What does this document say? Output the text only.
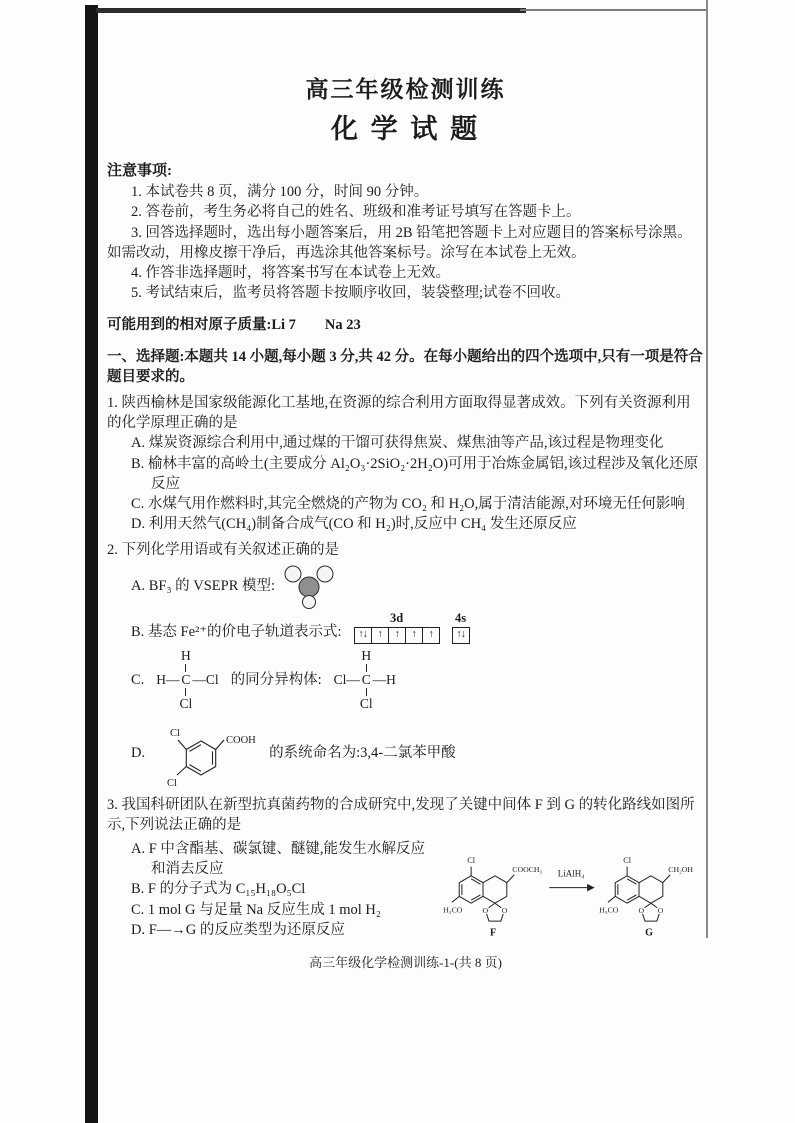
高三年级检测训练
化 学 试 题
注意事项:

1. 本试卷共 8 页，满分 100 分，时间 90 分钟。

2. 答卷前，考生务必将自己的姓名、班级和准考证号填写在答题卡上。

3. 回答选择题时，选出每小题答案后，用 2B 铅笔把答题卡上对应题目的答案标号涂黑。如需改动，用橡皮擦干净后，再选涂其他答案标号。涂写在本试卷上无效。

4. 作答非选择题时，将答案书写在本试卷上无效。

5. 考试结束后，监考员将答题卡按顺序收回，装袋整理;试卷不回收。

可能用到的相对原子质量:Li 7　　Na 23

一、选择题:本题共 14 小题,每小题 3 分,共 42 分。在每小题给出的四个选项中,只有一项是符合题目要求的。

1. 陕西榆林是国家级能源化工基地,在资源的综合利用方面取得显著成效。下列有关资源利用的化学原理正确的是

A. 煤炭资源综合利用中,通过煤的干馏可获得焦炭、煤焦油等产品,该过程是物理变化

B. 榆林丰富的高岭土(主要成分 Al₂O₃·2SiO₂·2H₂O)可用于冶炼金属铝,该过程涉及氧化还原反应

C. 水煤气用作燃料时,其完全燃烧的产物为 CO₂ 和 H₂O,属于清洁能源,对环境无任何影响

D. 利用天然气(CH₄)制备合成气(CO 和 H₂)时,反应中 CH₄ 发生还原反应

2. 下列化学用语或有关叙述正确的是

A. BF₃ 的 VSEPR 模型:
B. 基态 Fe²⁺的价电子轨道表示式:
3d
↑↓	↑	↑	↑	↑
4s
↑↓
C.
H
H— C —Cl
Cl
的同分异构体:
H
Cl— C —H
Cl
D.
COOH
Cl
Cl
的系统命名为:3,4-二氯苯甲酸

3. 我国科研团队在新型抗真菌药物的合成研究中,发现了关键中间体 F 到 G 的转化路线如图所示,下列说法正确的是

A. F 中含酯基、碳氯键、醚键,能发生水解反应和消去反应

B. F 的分子式为 C₁₅H₁₈O₅Cl

C. 1 mol G 与足量 Na 反应生成 1 mol H₂

D. F—→G 的反应类型为还原反应

Cl
COOCH₃
H₃CO O O
F
LiAlH₄
Cl
CH₂OH
H₃CO O O
G

高三年级化学检测训练-1-(共 8 页)
